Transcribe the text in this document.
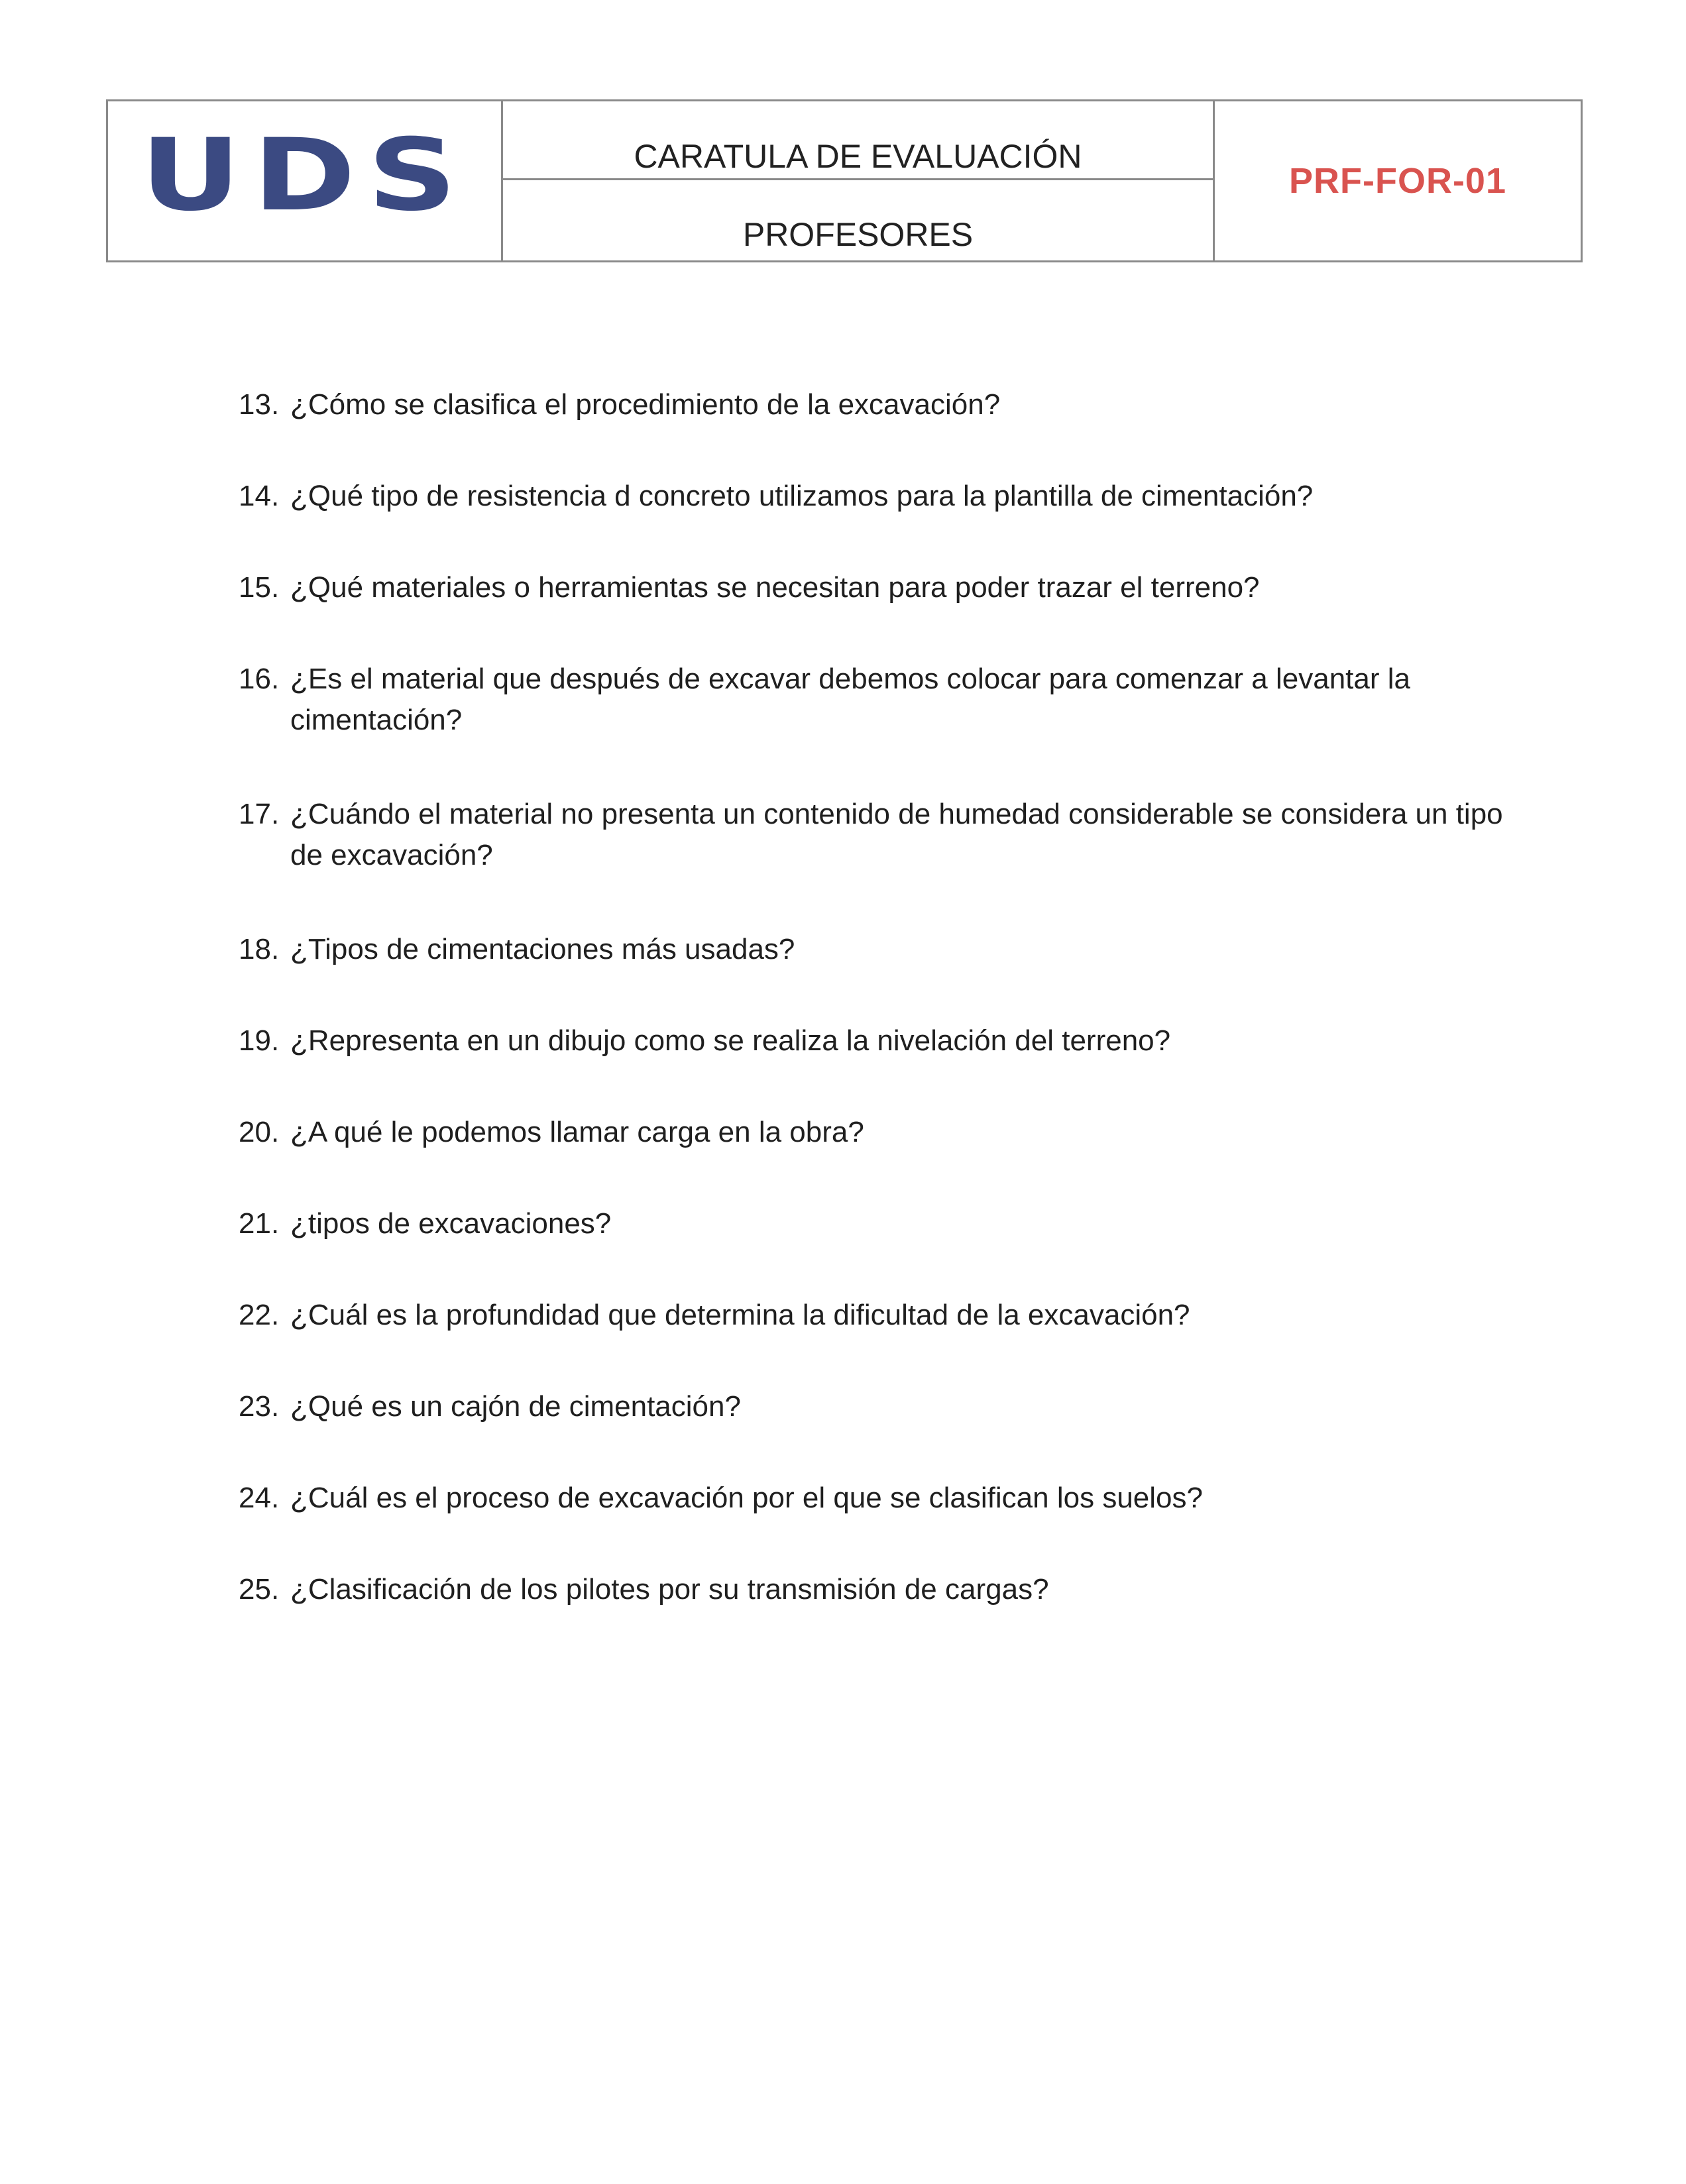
UDS	CARATULA DE EVALUACIÓN
PROFESORES
PRF-FOR-01
13. ¿Cómo se clasifica el procedimiento de la excavación?
14. ¿Qué tipo de resistencia d concreto utilizamos para la plantilla de cimentación?
15. ¿Qué materiales o herramientas se necesitan para poder trazar el terreno?
16. ¿Es el material que después de excavar debemos colocar para comenzar a levantar la cimentación?
17. ¿Cuándo el material no presenta un contenido de humedad considerable se considera un tipo de excavación?
18. ¿Tipos de cimentaciones más usadas?
19. ¿Representa en un dibujo como se realiza la nivelación del terreno?
20. ¿A qué le podemos llamar carga en la obra?
21. ¿tipos de excavaciones?
22. ¿Cuál es la profundidad que determina la dificultad de la excavación?
23. ¿Qué es un cajón de cimentación?
24. ¿Cuál es el proceso de excavación por el que se clasifican los suelos?
25. ¿Clasificación de los pilotes por su transmisión de cargas?
